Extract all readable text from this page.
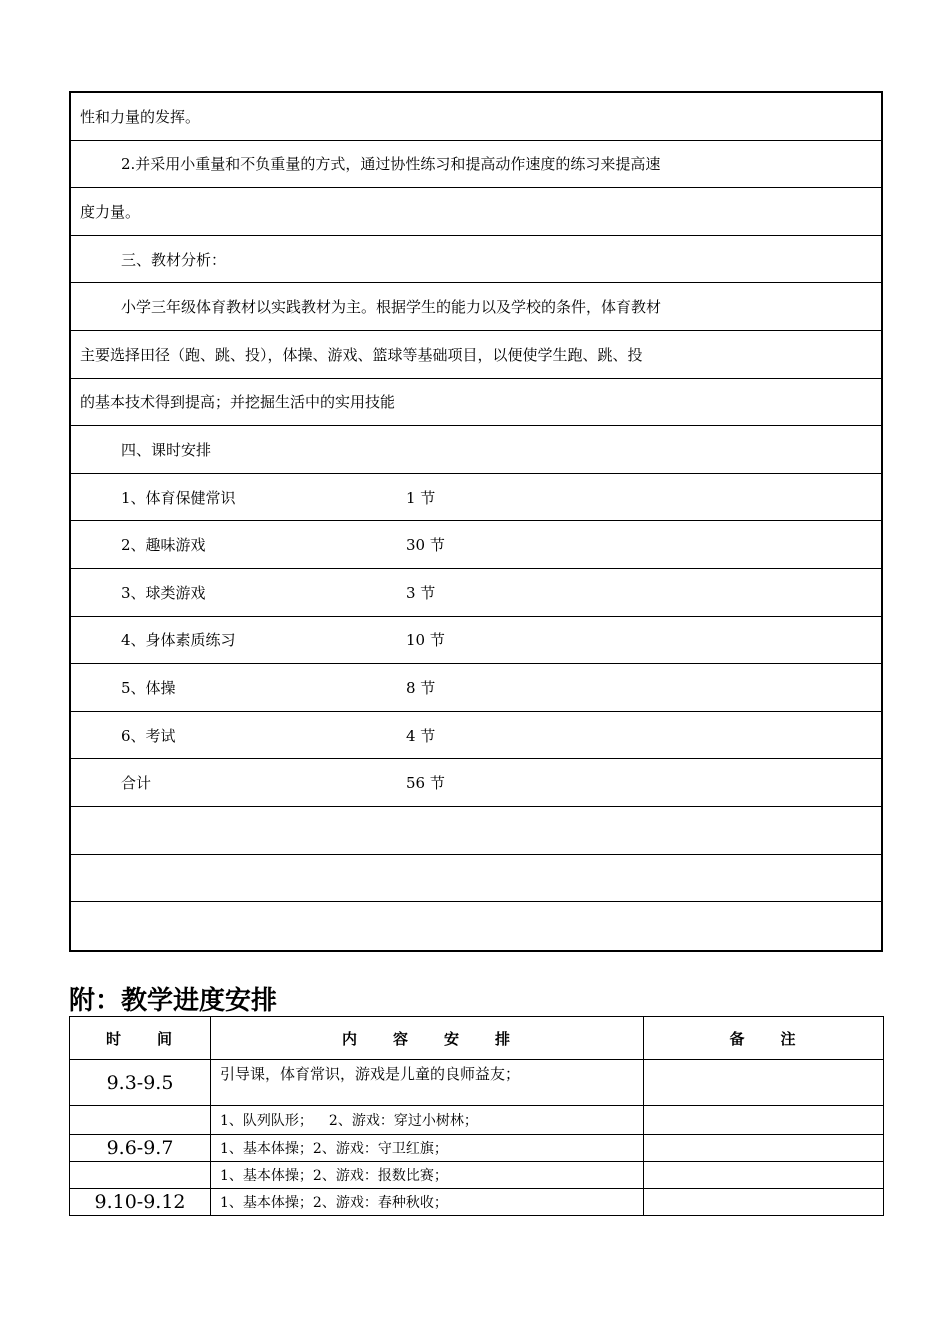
性和力量的发挥。
2.并采用小重量和不负重量的方式，通过协性练习和提高动作速度的练习来提高速
度力量。
三、教材分析：
小学三年级体育教材以实践教材为主。根据学生的能力以及学校的条件，体育教材
主要选择田径（跑、跳、投），体操、游戏、篮球等基础项目，以便使学生跑、跳、投
的基本技术得到提高；并挖掘生活中的实用技能
四、课时安排
1、体育保健常识	1 节
2、趣味游戏	30 节
3、球类游戏	3 节
4、身体素质练习	10 节
5、体操	8 节
6、考试	4 节
合计	56 节
附：教学进度安排
时　　间	内　　容　　安　　排	备　　注
9.3-9.5	引导课，体育常识，游戏是儿童的良师益友；	
	1、队列队形； 2、游戏：穿过小树林；	
9.6-9.7	1、基本体操；2、游戏：守卫红旗；	
	1、基本体操；2、游戏：报数比赛；	
9.10-9.12	1、基本体操；2、游戏：春种秋收；	
